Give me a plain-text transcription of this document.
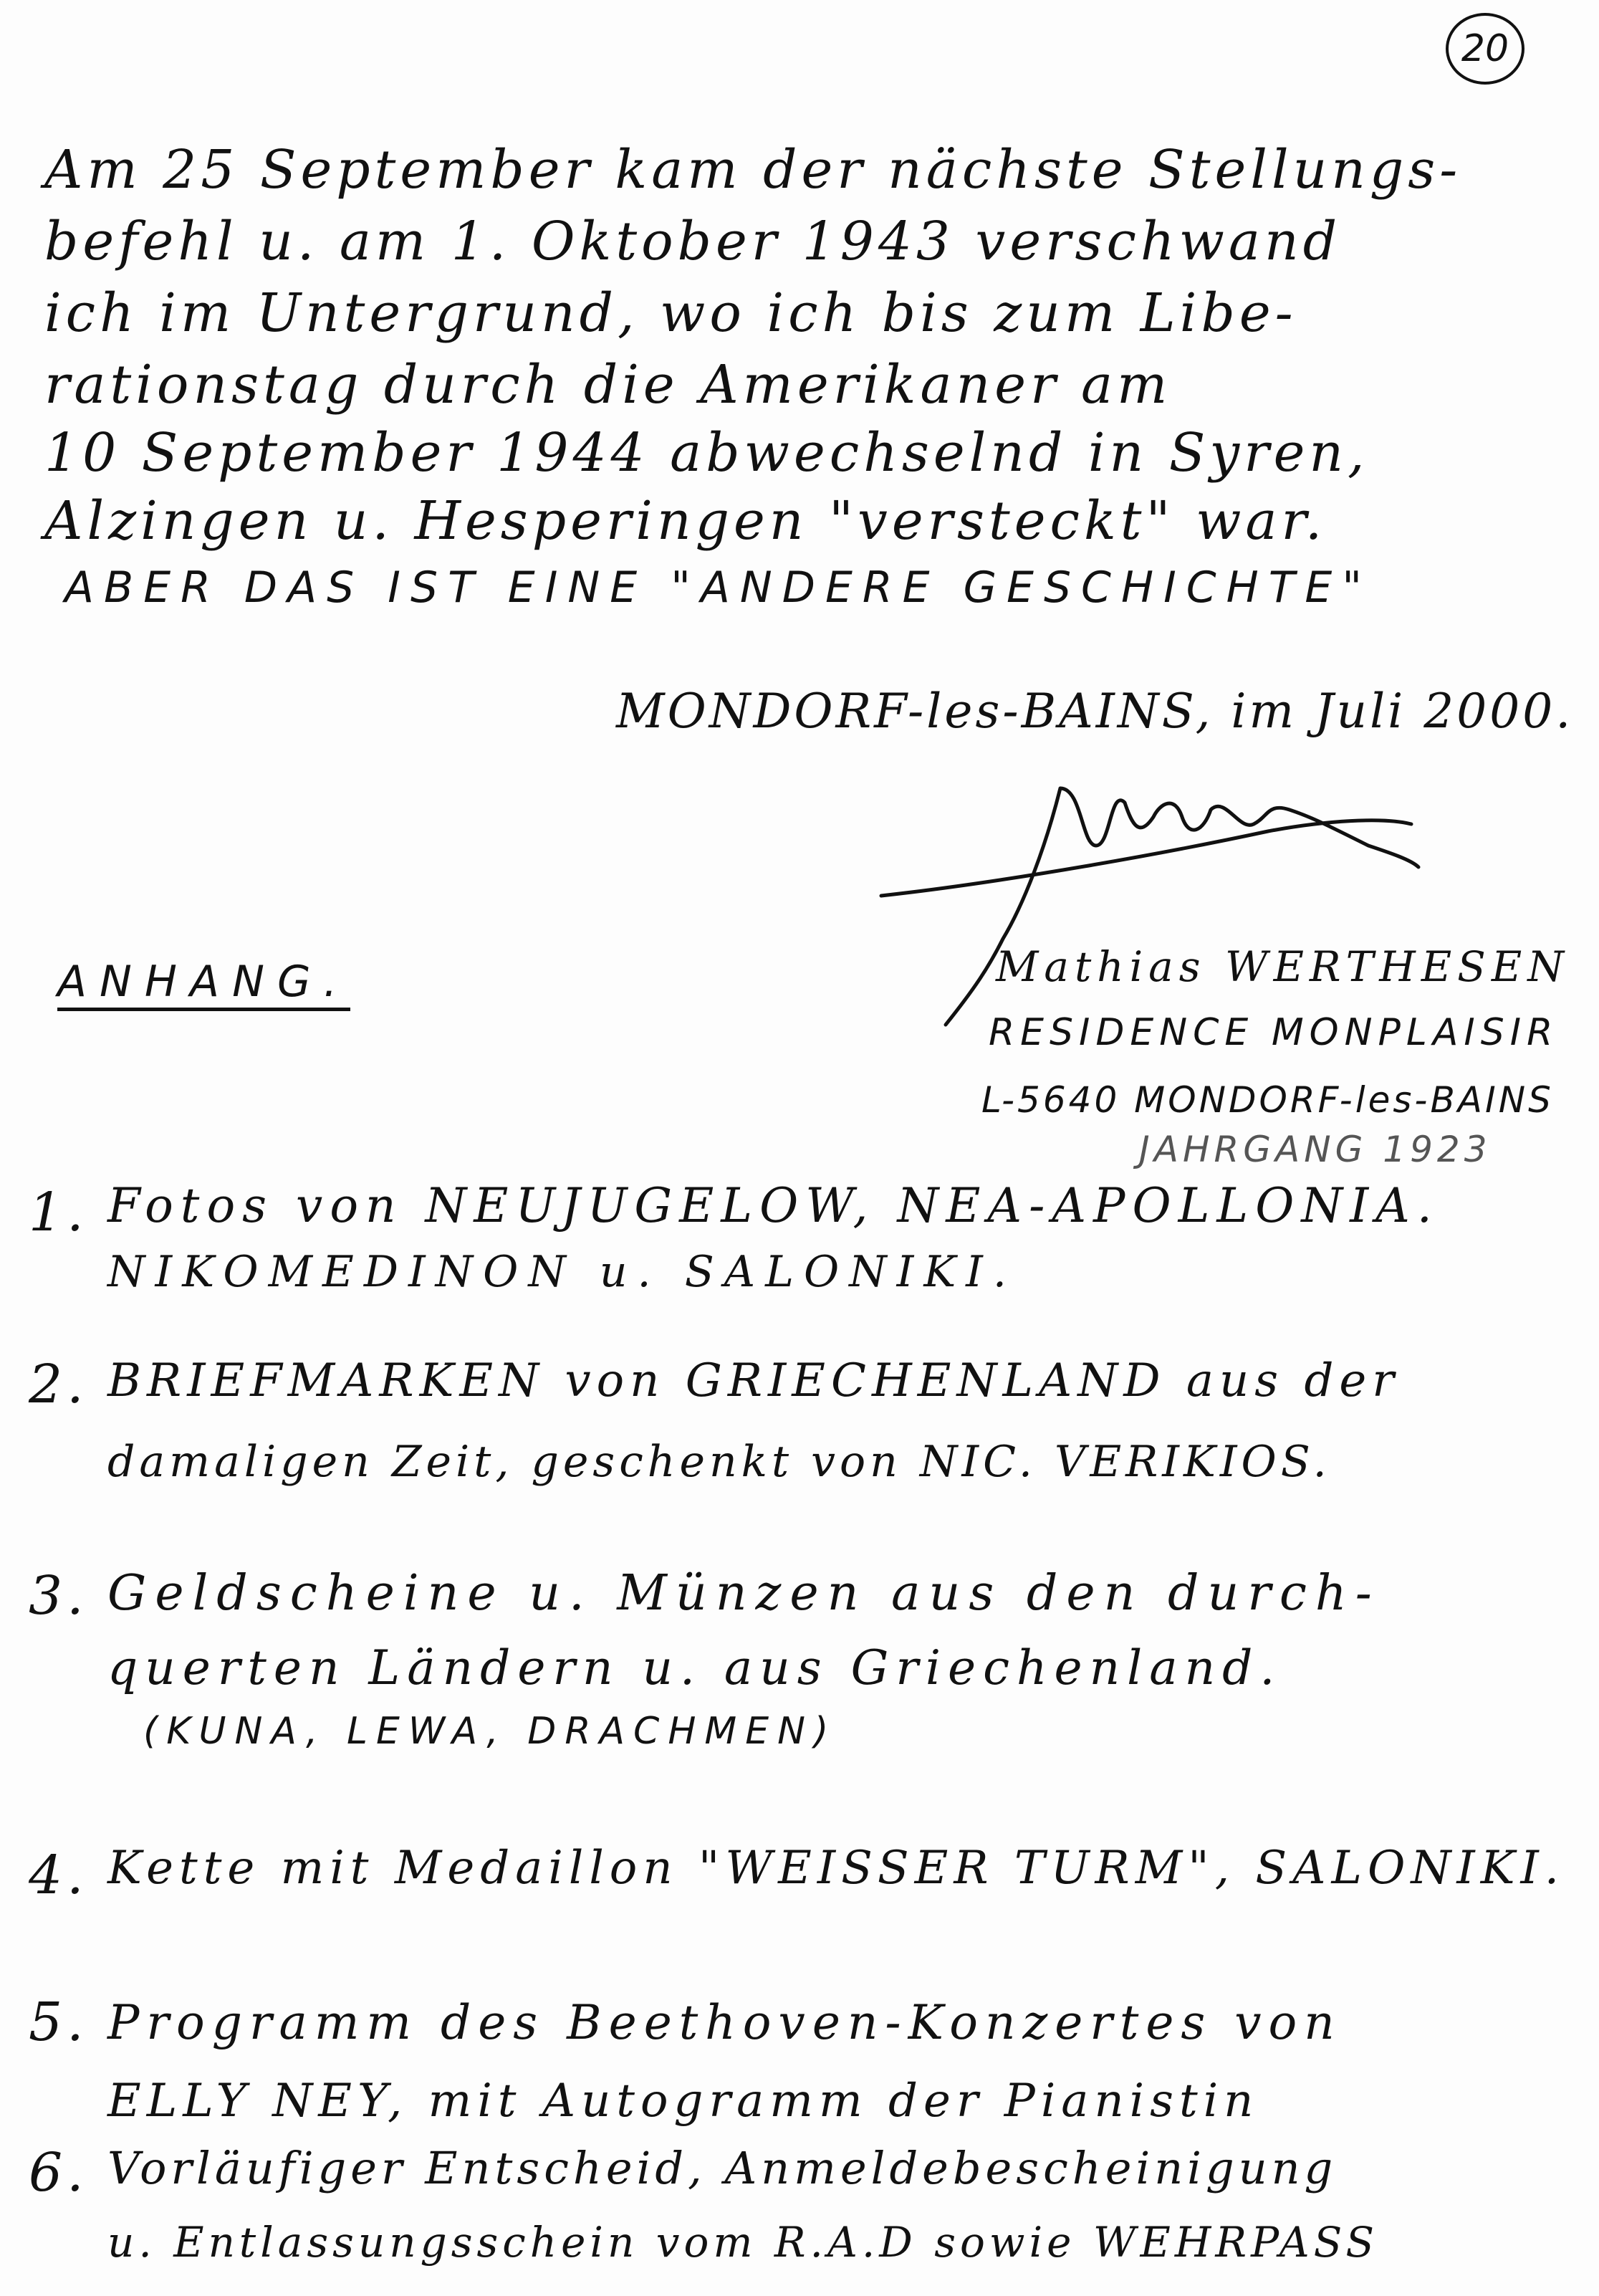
20
Am 25 September kam der nächste Stellungs-
befehl u. am 1. Oktober 1943 verschwand
ich im Untergrund, wo ich bis zum Libe-
rationstag durch die Amerikaner am
10 September 1944 abwechselnd in Syren,
Alzingen u. Hesperingen "versteckt" war.
ABER DAS IST EINE "ANDERE GESCHICHTE"
MONDORF-les-BAINS, im Juli 2000.
ANHANG.	Mathias WERTHESEN
RESIDENCE MONPLAISIR
L-5640 MONDORF-les-BAINS
JAHRGANG 1923
1. Fotos von NEUJUGELOW, NEA-APOLLONIA.
NIKOMEDINON u. SALONIKI.
2. BRIEFMARKEN von GRIECHENLAND aus der
damaligen Zeit, geschenkt von NIC. VERIKIOS.
3. Geldscheine u. Münzen aus den durch-
querten Ländern u. aus Griechenland.
(KUNA, LEWA, DRACHMEN)
4. Kette mit Medaillon "WEISSER TURM", SALONIKI.
5. Programm des Beethoven-Konzertes von
ELLY NEY, mit Autogramm der Pianistin
6. Vorläufiger Entscheid, Anmeldebescheinigung
u. Entlassungsschein vom R.A.D sowie WEHRPASS
